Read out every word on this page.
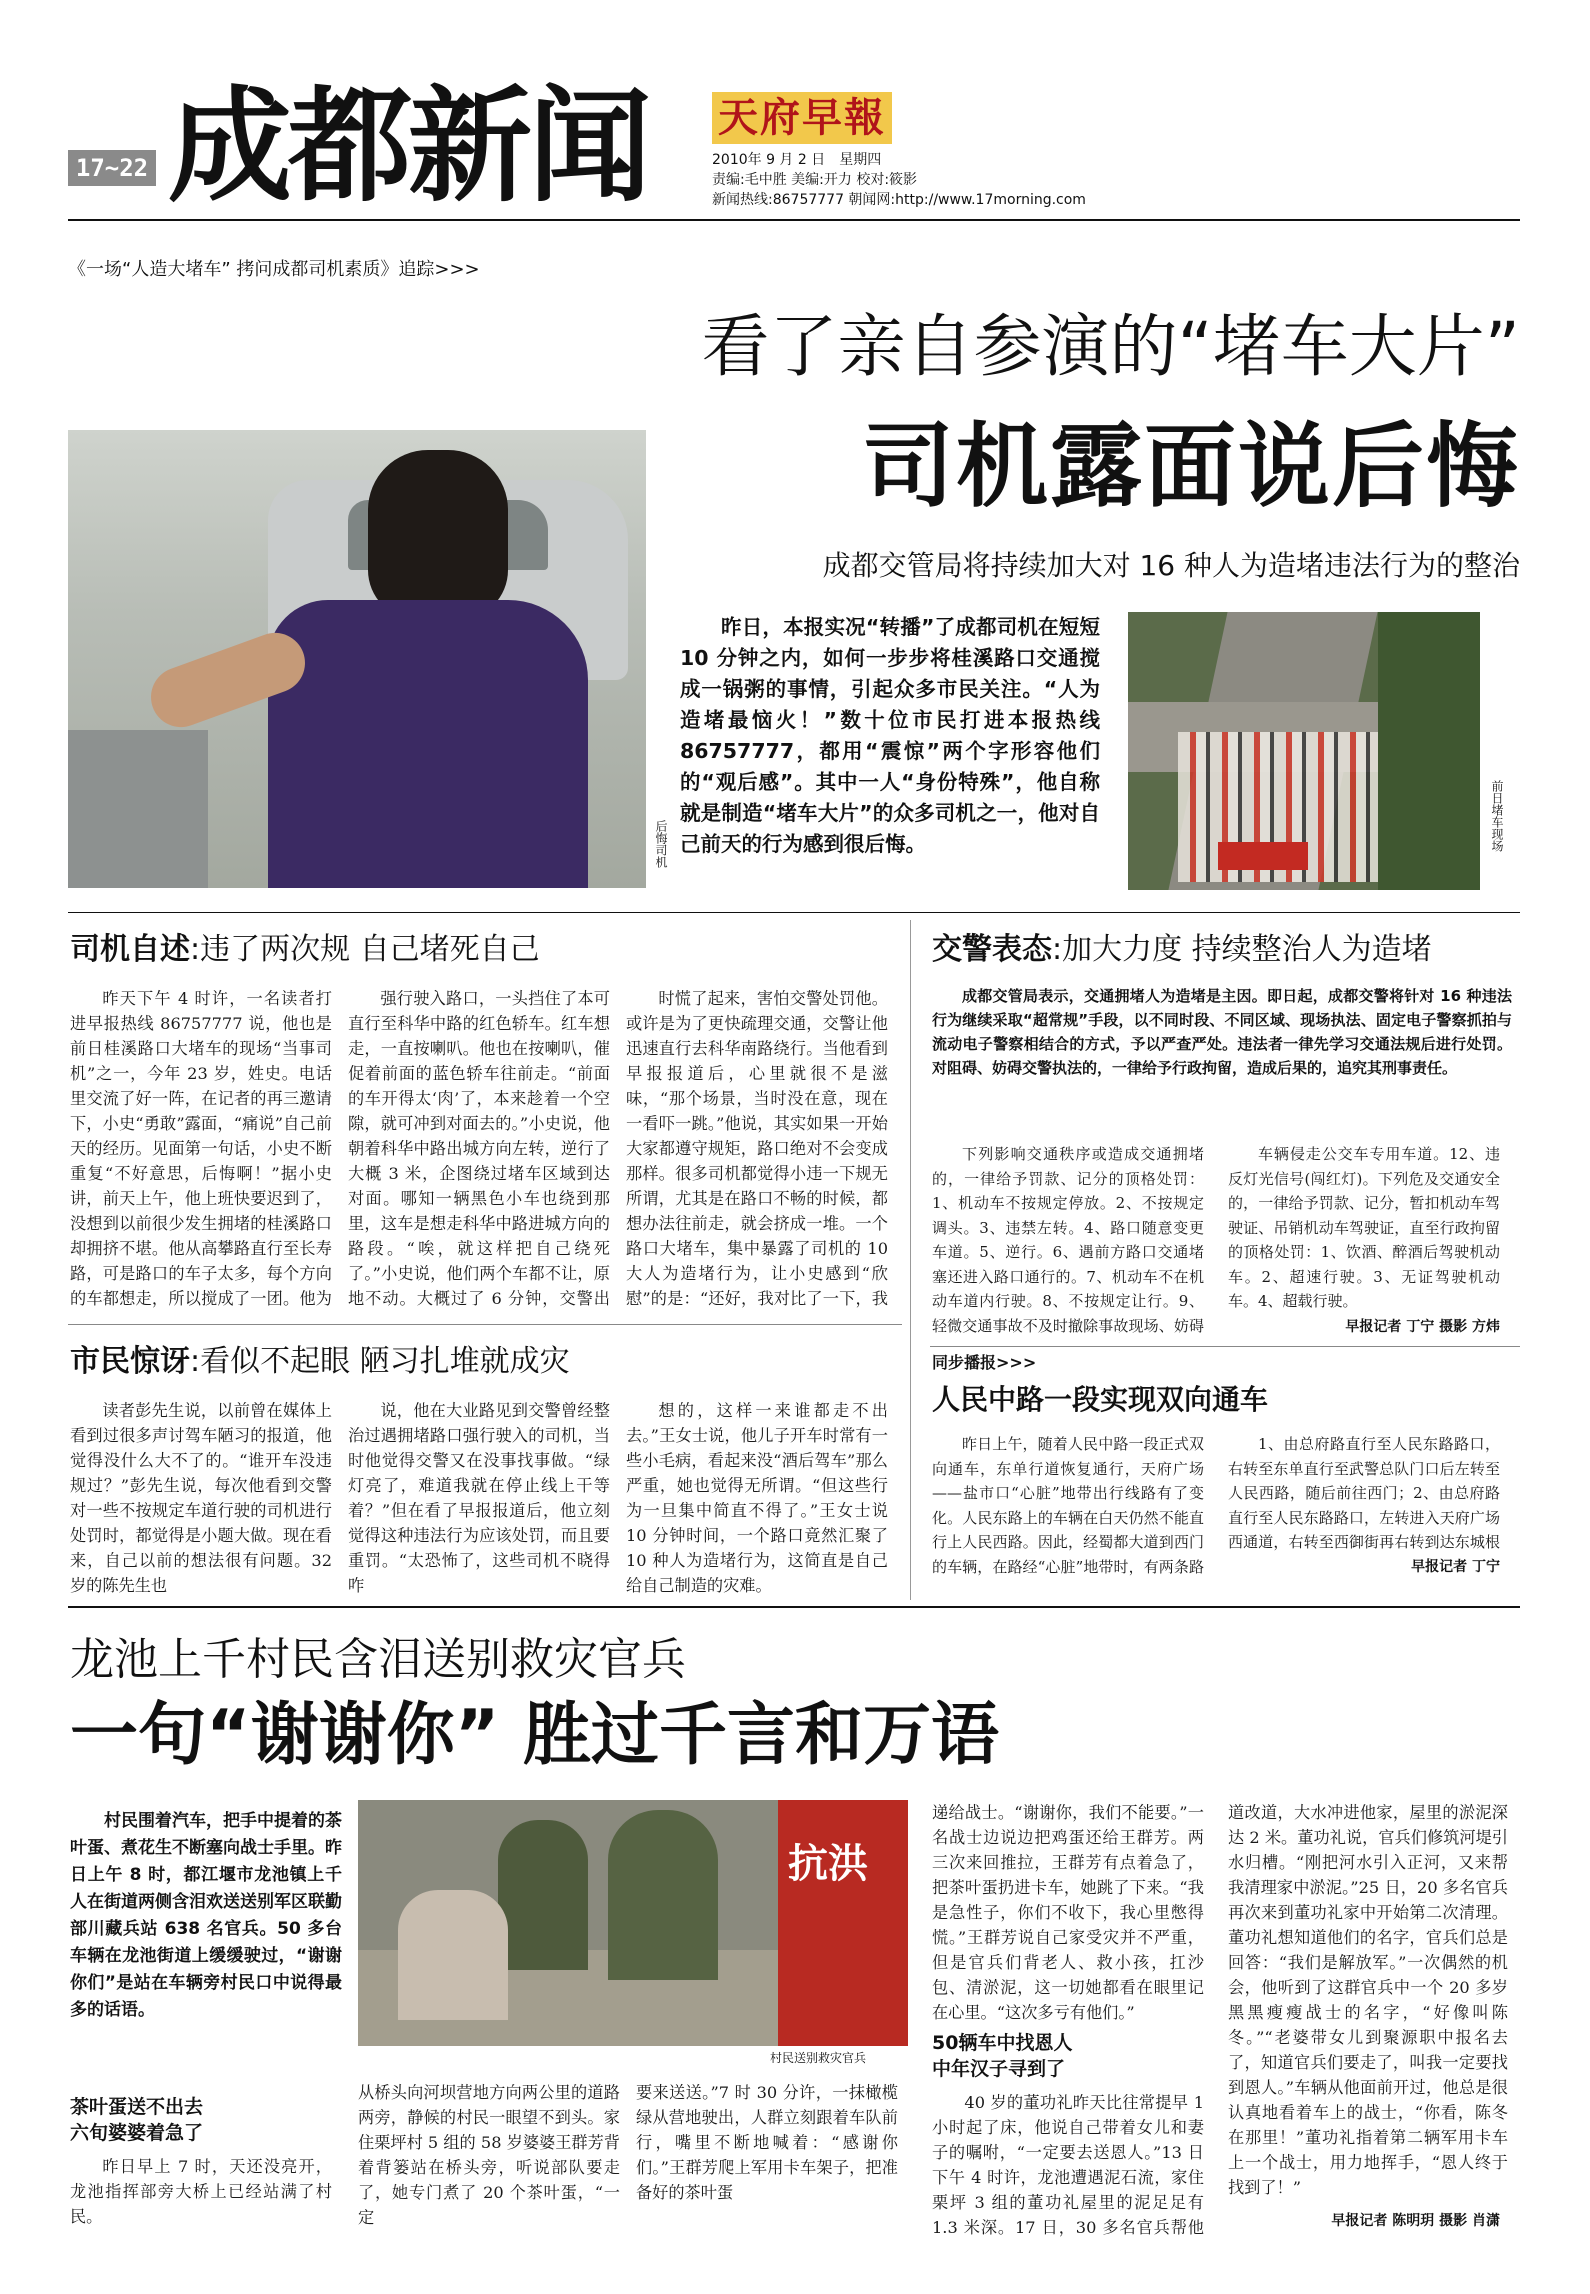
17~22 成都新闻 天府早報
2010年 9 月 2 日　星期四
责编:毛中胜 美编:开力 校对:筱影
新闻热线:86757777 朝闻网:http://www.17morning.com
《一场“人造大堵车” 拷问成都司机素质》追踪>>>
看了亲自参演的“堵车大片”
司机露面说后悔
成都交管局将持续加大对 16 种人为造堵违法行为的整治
后悔司机
昨日，本报实况“转播”了成都司机在短短 10 分钟之内，如何一步步将桂溪路口交通搅成一锅粥的事情，引起众多市民关注。“人为造堵最恼火！”数十位市民打进本报热线 86757777，都用“震惊”两个字形容他们的“观后感”。其中一人“身份特殊”，他自称就是制造“堵车大片”的众多司机之一，他对自己前天的行为感到很后悔。	前日堵车现场
司机自述:违了两次规 自己堵死自己

昨天下午 4 时许，一名读者打进早报热线 86757777 说，他也是前日桂溪路口大堵车的现场“当事司机”之一，今年 23 岁，姓史。电话里交流了好一阵，在记者的再三邀请下，小史“勇敢”露面，“痛说”自己前天的经历。见面第一句话，小史不断重复“不好意思，后悔啊！”据小史讲，前天上午，他上班快要迟到了，没想到以前很少发生拥堵的桂溪路口却拥挤不堪。他从高攀路直行至长寿路，可是路口的车子太多，每个方向的车都想走，所以搅成了一团。他为

强行驶入路口，一头挡住了本可直行至科华中路的红色轿车。红车想走，一直按喇叭。他也在按喇叭，催促着前面的蓝色轿车往前走。“前面的车开得太‘肉’了，本来趁着一个空隙，就可冲到对面去的。”小史说，他朝着科华中路出城方向左转，逆行了大概 3 米，企图绕过堵车区域到达对面。哪知一辆黑色小车也绕到那里，这车是想走科华中路进城方向的路段。“唉，就这样把自己绕死了。”小史说，他们两个车都不让，原地不动。大概过了 6 分钟，交警出

时慌了起来，害怕交警处罚他。或许是为了更快疏理交通，交警让他迅速直行去科华南路绕行。当他看到早报报道后，心里就很不是滋味，“那个场景，当时没在意，现在一看吓一跳。”他说，其实如果一开始大家都遵守规矩，路口绝对不会变成那样。很多司机都觉得小违一下规无所谓，尤其是在路口不畅的时候，都想办法往前走，就会挤成一堆。一个路口大堵车，集中暴露了司机的 10 大人为造堵行为，让小史感到“欣慰”的是：“还好，我对比了一下，我

交警表态:加大力度 持续整治人为造堵
成都交管局表示，交通拥堵人为造堵是主因。即日起，成都交警将针对 16 种违法行为继续采取“超常规”手段，以不同时段、不同区域、现场执法、固定电子警察抓拍与流动电子警察相结合的方式，予以严查严处。违法者一律先学习交通法规后进行处罚。对阻碍、妨碍交警执法的，一律给予行政拘留，造成后果的，追究其刑事责任。

下列影响交通秩序或造成交通拥堵的，一律给予罚款、记分的顶格处罚：1、机动车不按规定停放。2、不按规定调头。3、违禁左转。4、路口随意变更车道。5、逆行。6、遇前方路口交通堵塞还进入路口通行的。7、机动车不在机动车道内行驶。8、不按规定让行。9、轻微交通事故不及时撤除事故现场、妨碍

车辆侵走公交车专用车道。12、违反灯光信号(闯红灯)。下列危及交通安全的，一律给予罚款、记分，暂扣机动车驾驶证、吊销机动车驾驶证，直至行政拘留的顶格处罚：1、饮酒、醉酒后驾驶机动车。2、超速行驶。3、无证驾驶机动车。4、超载行驶。

早报记者 丁宁 摄影 方炜
市民惊讶:看似不起眼 陋习扎堆就成灾

读者彭先生说，以前曾在媒体上看到过很多声讨驾车陋习的报道，他觉得没什么大不了的。“谁开车没违规过？”彭先生说，每次他看到交警对一些不按规定车道行驶的司机进行处罚时，都觉得是小题大做。现在看来，自己以前的想法很有问题。32 岁的陈先生也

说，他在大业路见到交警曾经整治过遇拥堵路口强行驶入的司机，当时他觉得交警又在没事找事做。“绿灯亮了，难道我就在停止线上干等着？”但在看了早报报道后，他立刻觉得这种违法行为应该处罚，而且要重罚。“太恐怖了，这些司机不晓得咋

想的，这样一来谁都走不出去。”王女士说，他儿子开车时常有一些小毛病，看起来没“酒后驾车”那么严重，她也觉得无所谓。“但这些行为一旦集中简直不得了。”王女士说 10 分钟时间，一个路口竟然汇聚了 10 种人为造堵行为，这简直是自己给自己制造的灾难。

同步播报>>>
人民中路一段实现双向通车

昨日上午，随着人民中路一段正式双向通车，东单行道恢复通行，天府广场——盐市口“心脏”地带出行线路有了变化。人民东路上的车辆在白天仍然不能直行上人民西路。因此，经蜀都大道到西门的车辆，在路经“心脏”地带时，有两条路

1、由总府路直行至人民东路路口，右转至东单直行至武警总队门口后左转至人民西路，随后前往西门；2、由总府路直行至人民东路路口，左转进入天府广场西通道，右转至西御街再右转到达东城根

早报记者 丁宁
龙池上千村民含泪送别救灾官兵
一句“谢谢你” 胜过千言和万语
村民围着汽车，把手中提着的茶叶蛋、煮花生不断塞向战士手里。昨日上午 8 时，都江堰市龙池镇上千人在街道两侧含泪欢送送别军区联勤部川藏兵站 638 名官兵。50 多台车辆在龙池街道上缓缓驶过，“谢谢你们”是站在车辆旁村民口中说得最多的话语。
抗洪
村民送别救灾官兵
茶叶蛋送不出去
六旬婆婆着急了

昨日早上 7 时，天还没亮开，龙池指挥部旁大桥上已经站满了村民。

从桥头向河坝营地方向两公里的道路两旁，静候的村民一眼望不到头。家住栗坪村 5 组的 58 岁婆婆王群芳背着背篓站在桥头旁，听说部队要走了，她专门煮了 20 个茶叶蛋，“一定

要来送送。”7 时 30 分许，一抹橄榄绿从营地驶出，人群立刻跟着车队前行，嘴里不断地喊着：“感谢你们。”王群芳爬上军用卡车架子，把准备好的茶叶蛋

递给战士。“谢谢你，我们不能要。”一名战士边说边把鸡蛋还给王群芳。两三次来回推拉，王群芳有点着急了，把茶叶蛋扔进卡车，她跳了下来。“我是急性子，你们不收下，我心里憋得慌。”王群芳说自己家受灾并不严重，但是官兵们背老人、救小孩，扛沙包、清淤泥，这一切她都看在眼里记在心里。“这次多亏有他们。”

50辆车中找恩人
中年汉子寻到了

40 岁的董功礼昨天比往常提早 1 小时起了床，他说自己带着女儿和妻子的嘱咐，“一定要去送恩人。”13 日下午 4 时许，龙池遭遇泥石流，家住栗坪 3 组的董功礼屋里的泥足足有 1.3 米深。17 日，30 多名官兵帮他

道改道，大水冲进他家，屋里的淤泥深达 2 米。董功礼说，官兵们修筑河堤引水归槽。“刚把河水引入正河，又来帮我清理家中淤泥。”25 日，20 多名官兵再次来到董功礼家中开始第二次清理。董功礼想知道他们的名字，官兵们总是回答：“我们是解放军。”一次偶然的机会，他听到了这群官兵中一个 20 多岁黑黑瘦瘦战士的名字，“好像叫陈冬。”“老婆带女儿到聚源职中报名去了，知道官兵们要走了，叫我一定要找到恩人。”车辆从他面前开过，他总是很认真地看着车上的战士，“你看，陈冬在那里！”董功礼指着第二辆军用卡车上一个战士，用力地挥手，“恩人终于找到了！”

早报记者 陈明玥 摄影 肖潇
